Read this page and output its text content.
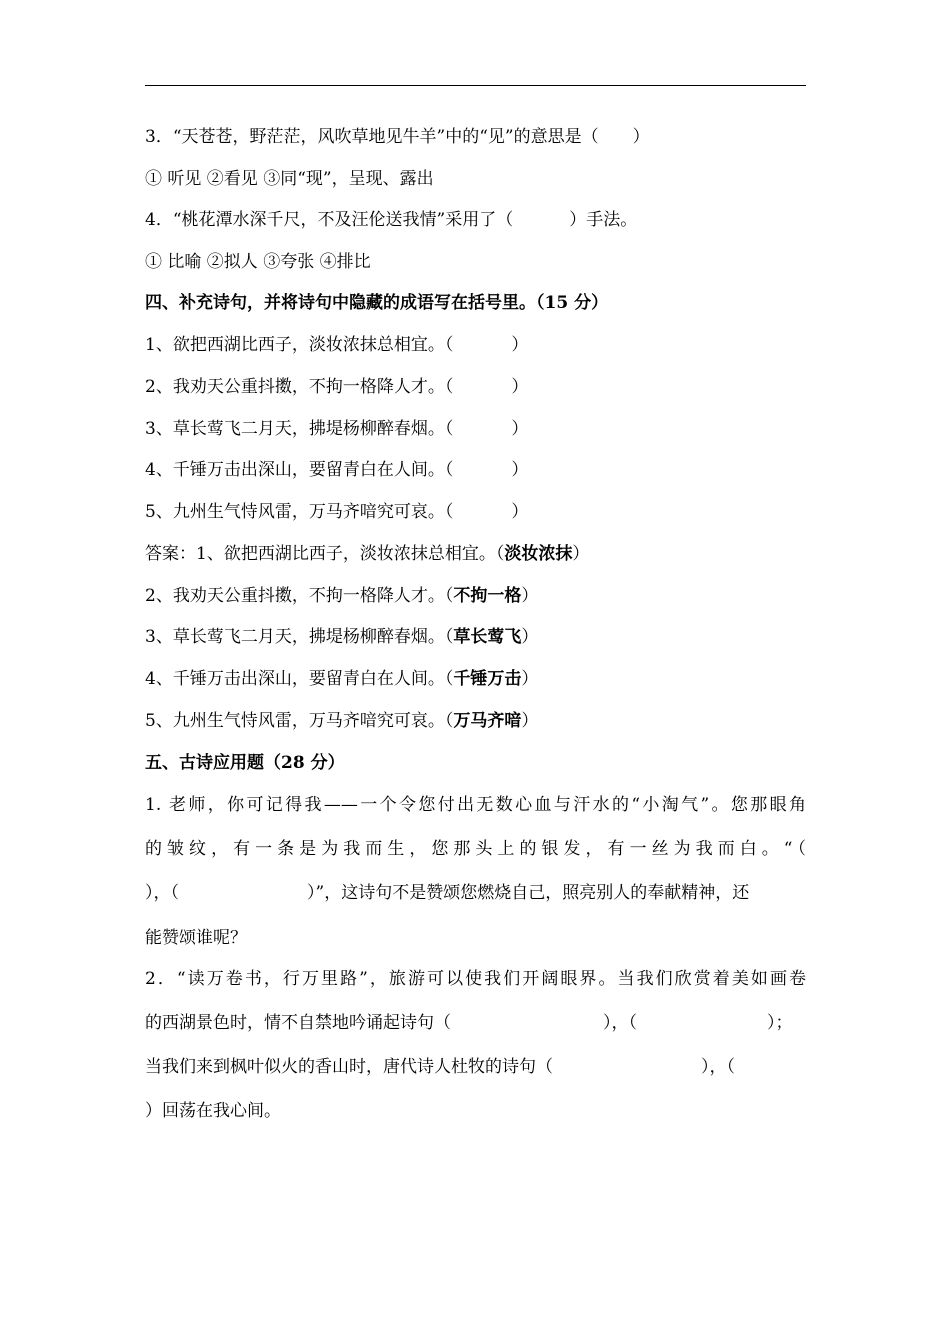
3．“天苍苍，野茫茫，风吹草地见牛羊”中的“见”的意思是（　　）
① 听见 ②看见 ③同“现”，呈现、露出
4．“桃花潭水深千尺，不及汪伦送我情”采用了（	）手法。
① 比喻 ②拟人 ③夸张 ④排比
四、补充诗句，并将诗句中隐藏的成语写在括号里。（15 分）
1、欲把西湖比西子，淡妆浓抹总相宜。（	）
2、我劝天公重抖擞，不拘一格降人才。（	）
3、草长莺飞二月天，拂堤杨柳醉春烟。（	）
4、千锤万击出深山，要留青白在人间。（	）
5、九州生气恃风雷，万马齐喑究可哀。（	）
答案：1、欲把西湖比西子，淡妆浓抹总相宜。（淡妆浓抹）
2、我劝天公重抖擞，不拘一格降人才。（不拘一格）
3、草长莺飞二月天，拂堤杨柳醉春烟。（草长莺飞）
4、千锤万击出深山，要留青白在人间。（千锤万击）
5、九州生气恃风雷，万马齐喑究可哀。（万马齐喑）
五、古诗应用题（28 分）
1. 老师，你可记得我——一个令您付出无数心血与汗水的“小淘气”。您那眼角
的皱纹，有一条是为我而生，您那头上的银发，有一丝为我而白。“（
），（	）”，这诗句不是赞颂您燃烧自己，照亮别人的奉献精神，还
能赞颂谁呢？
2．“读万卷书，行万里路”，旅游可以使我们开阔眼界。当我们欣赏着美如画卷
的西湖景色时，情不自禁地吟诵起诗句（	），（	）；
当我们来到枫叶似火的香山时，唐代诗人杜牧的诗句（	），（
）回荡在我心间。
